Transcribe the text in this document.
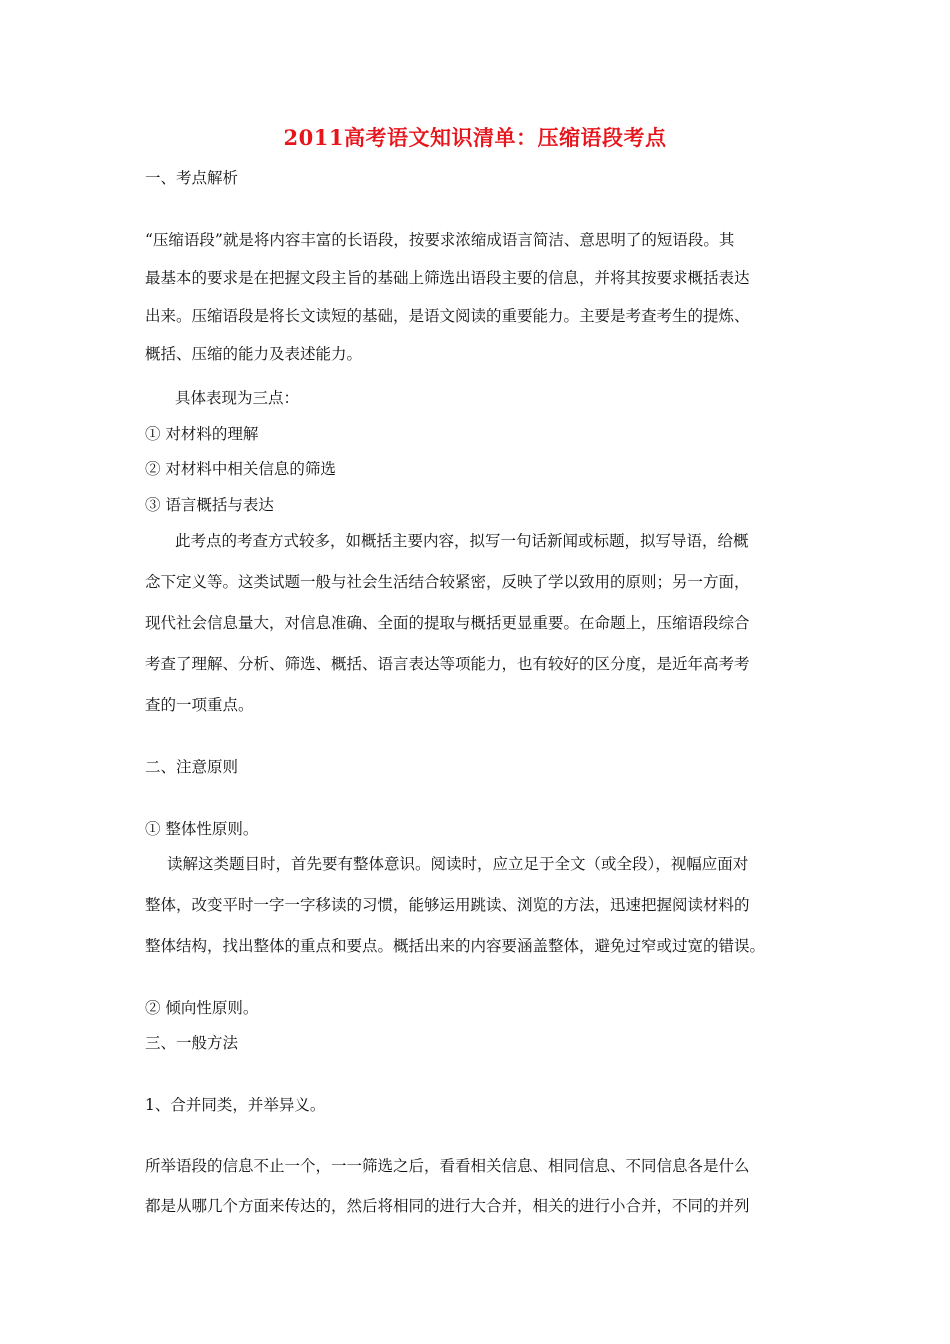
2011高考语文知识清单：压缩语段考点
一、考点解析
“压缩语段”就是将内容丰富的长语段，按要求浓缩成语言简洁、意思明了的短语段。其
最基本的要求是在把握文段主旨的基础上筛选出语段主要的信息，并将其按要求概括表达
出来。压缩语段是将长文读短的基础，是语文阅读的重要能力。主要是考查考生的提炼、
概括、压缩的能力及表述能力。
具体表现为三点：
① 对材料的理解
② 对材料中相关信息的筛选
③ 语言概括与表达
此考点的考查方式较多，如概括主要内容，拟写一句话新闻或标题，拟写导语，给概
念下定义等。这类试题一般与社会生活结合较紧密，反映了学以致用的原则；另一方面，
现代社会信息量大，对信息准确、全面的提取与概括更显重要。在命题上，压缩语段综合
考查了理解、分析、筛选、概括、语言表达等项能力，也有较好的区分度，是近年高考考
查的一项重点。
二、注意原则
① 整体性原则。
读解这类题目时，首先要有整体意识。阅读时，应立足于全文（或全段），视幅应面对
整体，改变平时一字一字移读的习惯，能够运用跳读、浏览的方法，迅速把握阅读材料的
整体结构，找出整体的重点和要点。概括出来的内容要涵盖整体，避免过窄或过宽的错误。
② 倾向性原则。
三、一般方法
1、合并同类，并举异义。
所举语段的信息不止一个，一一筛选之后，看看相关信息、相同信息、不同信息各是什么
都是从哪几个方面来传达的，然后将相同的进行大合并，相关的进行小合并，不同的并列
